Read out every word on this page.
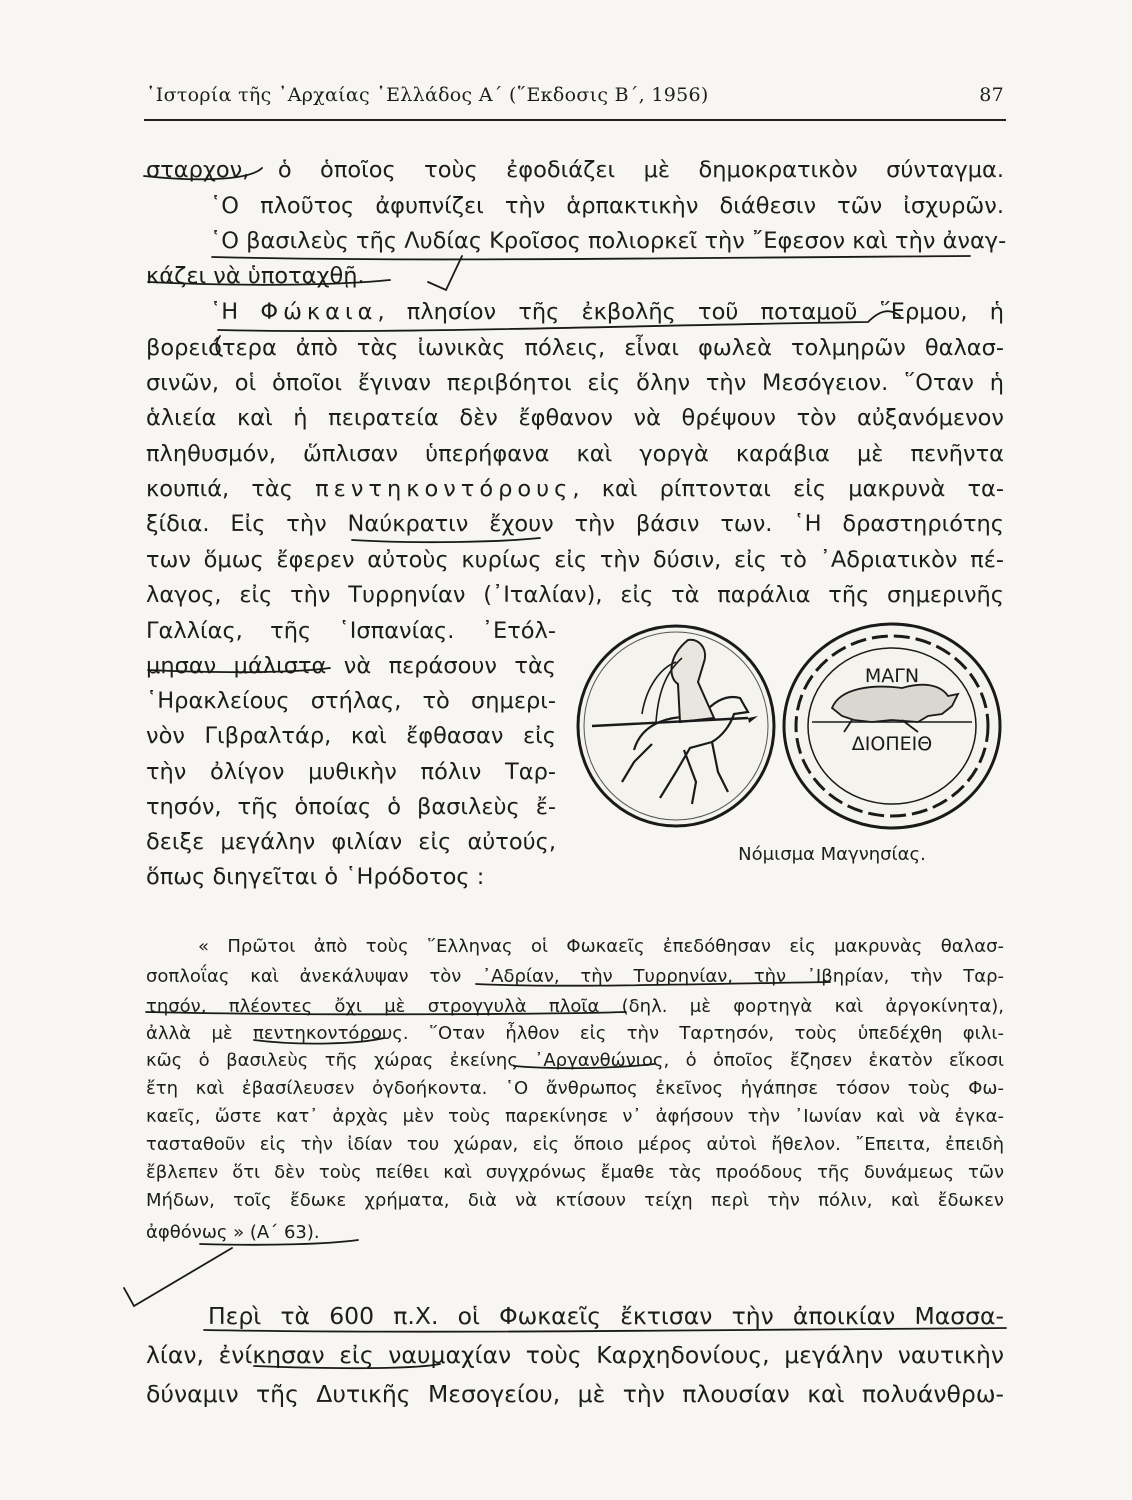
῾Ιστορία τῆς ᾿Αρχαίας ῾Ελλάδος Α΄ (῞Εκδοσις Β΄, 1956)	87
σταρχον, ὁ ὁποῖος τοὺς ἐφοδιάζει μὲ δημοκρατικὸν σύνταγμα.
῾Ο πλοῦτος ἀφυπνίζει τὴν ἁρπακτικὴν διάθεσιν τῶν ἰσχυρῶν.
῾Ο βασιλεὺς τῆς Λυδίας Κροῖσος πολιορκεῖ τὴν ῎Εφεσον καὶ τὴν ἀναγ-
κάζει νὰ ὑποταχθῇ.
῾Η Φώκαια, πλησίον τῆς ἐκβολῆς τοῦ ποταμοῦ ῞Ερμου, ἡ
βορειότερα ἀπὸ τὰς ἰωνικὰς πόλεις, εἶναι φωλεὰ τολμηρῶν θαλασ-
σινῶν, οἱ ὁποῖοι ἔγιναν περιβόητοι εἰς ὅλην τὴν Μεσόγειον. ῞Οταν ἡ
ἁλιεία καὶ ἡ πειρατεία δὲν ἔφθανον νὰ θρέψουν τὸν αὐξανόμενον
πληθυσμόν, ὥπλισαν ὑπερήφανα καὶ γοργὰ καράβια μὲ πενῆντα
κουπιά, τὰς πεντηκοντόρους, καὶ ρίπτονται εἰς μακρυνὰ τα-
ξίδια. Εἰς τὴν Ναύκρατιν ἔχουν τὴν βάσιν των. ῾Η δραστηριότης
των ὅμως ἔφερεν αὐτοὺς κυρίως εἰς τὴν δύσιν, εἰς τὸ ᾿Αδριατικὸν πέ-
λαγος, εἰς τὴν Τυρρηνίαν (᾿Ιταλίαν), εἰς τὰ παράλια τῆς σημερινῆς
Γαλλίας, τῆς ῾Ισπανίας. ᾿Ετόλ-
μησαν μάλιστα νὰ περάσουν τὰς
῾Ηρακλείους στήλας, τὸ σημερι-
νὸν Γιβραλτάρ, καὶ ἔφθασαν εἰς
τὴν ὀλίγον μυθικὴν πόλιν Ταρ-
τησόν, τῆς ὁποίας ὁ βασιλεὺς ἔ-
δειξε μεγάλην φιλίαν εἰς αὐτούς,
ὅπως διηγεῖται ὁ ῾Ηρόδοτος :
ΜΑΓΝ
ΔΙΟΠΕΙΘ
Νόμισμα Μαγνησίας.
« Πρῶτοι ἀπὸ τοὺς ῞Ελληνας οἱ Φωκαεῖς ἐπεδόθησαν εἰς μακρυνὰς θαλασ-
σοπλοΐας καὶ ἀνεκάλυψαν τὸν ᾿Αδρίαν, τὴν Τυρρηνίαν, τὴν ᾿Ιβηρίαν, τὴν Ταρ-
τησόν, πλέοντες ὄχι μὲ στρογγυλὰ πλοῖα (δηλ. μὲ φορτηγὰ καὶ ἀργοκίνητα),
ἀλλὰ μὲ πεντηκοντόρους. ῞Οταν ἦλθον εἰς τὴν Ταρτησόν, τοὺς ὑπεδέχθη φιλι-
κῶς ὁ βασιλεὺς τῆς χώρας ἐκείνης ᾿Αργανθώνιος, ὁ ὁποῖος ἔζησεν ἑκατὸν εἴκοσι
ἔτη καὶ ἐβασίλευσεν ὀγδοήκοντα. ῾Ο ἄνθρωπος ἐκεῖνος ἠγάπησε τόσον τοὺς Φω-
καεῖς, ὥστε κατ᾿ ἀρχὰς μὲν τοὺς παρεκίνησε ν᾿ ἀφήσουν τὴν ᾿Ιωνίαν καὶ νὰ ἐγκα-
τασταθοῦν εἰς τὴν ἰδίαν του χώραν, εἰς ὅποιο μέρος αὐτοὶ ἤθελον. ῎Επειτα, ἐπειδὴ
ἔβλεπεν ὅτι δὲν τοὺς πείθει καὶ συγχρόνως ἔμαθε τὰς προόδους τῆς δυνάμεως τῶν
Μήδων, τοῖς ἔδωκε χρήματα, διὰ νὰ κτίσουν τείχη περὶ τὴν πόλιν, καὶ ἔδωκεν
ἀφθόνως » (Α΄ 63).
Περὶ τὰ 600 π.Χ. οἱ Φωκαεῖς ἔκτισαν τὴν ἀποικίαν Μασσα-
λίαν, ἐνίκησαν εἰς ναυμαχίαν τοὺς Καρχηδονίους, μεγάλην ναυτικὴν
δύναμιν τῆς Δυτικῆς Μεσογείου, μὲ τὴν πλουσίαν καὶ πολυάνθρω-
